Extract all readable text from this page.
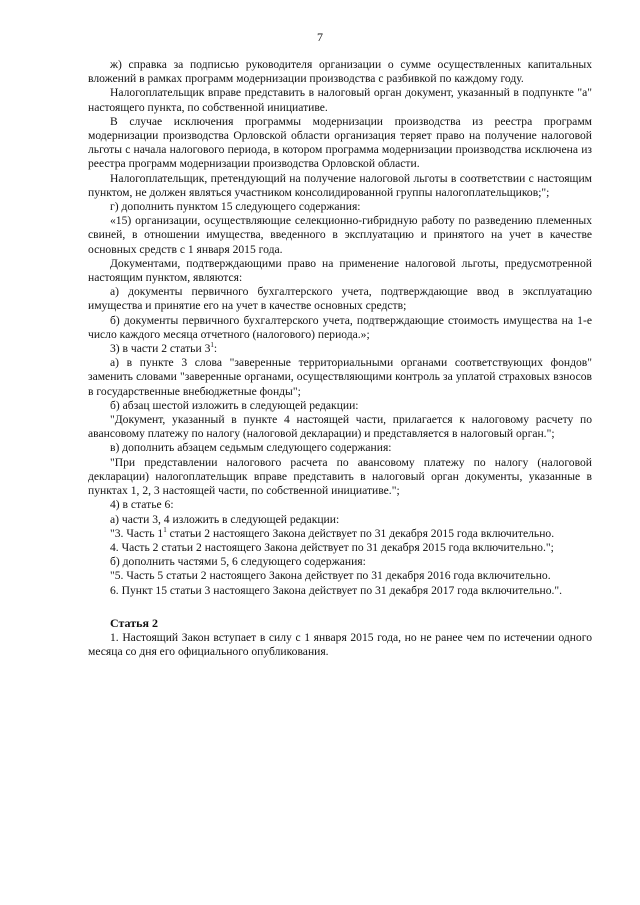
7

ж) справка за подписью руководителя организации о сумме осуществленных капитальных вложений в рамках программ модернизации производства с разбивкой по каждому году.

Налогоплательщик вправе представить в налоговый орган документ, указанный в подпункте "а" настоящего пункта, по собственной инициативе.

В случае исключения программы модернизации производства из реестра программ модернизации производства Орловской области организация теряет право на получение налоговой льготы с начала налогового периода, в котором программа модернизации производства исключена из реестра программ модернизации производства Орловской области.

Налогоплательщик, претендующий на получение налоговой льготы в соответствии с настоящим пунктом, не должен являться участником консолидированной группы налогоплательщиков;";

г) дополнить пунктом 15 следующего содержания:

«15) организации, осуществляющие селекционно-гибридную работу по разведению племенных свиней, в отношении имущества, введенного в эксплуатацию и принятого на учет в качестве основных средств с 1 января 2015 года.

Документами, подтверждающими право на применение налоговой льготы, предусмотренной настоящим пунктом, являются:

а) документы первичного бухгалтерского учета, подтверждающие ввод в эксплуатацию имущества и принятие его на учет в качестве основных средств;

б) документы первичного бухгалтерского учета, подтверждающие стоимость имущества на 1-е число каждого месяца отчетного (налогового) периода.»;

3) в части 2 статьи $3^1$:

а) в пункте 3 слова "заверенные территориальными органами соответствующих фондов" заменить словами "заверенные органами, осуществляющими контроль за уплатой страховых взносов в государственные внебюджетные фонды";

б) абзац шестой изложить в следующей редакции:

"Документ, указанный в пункте 4 настоящей части, прилагается к налоговому расчету по авансовому платежу по налогу (налоговой декларации) и представляется в налоговый орган.";

в) дополнить абзацем седьмым следующего содержания:

"При представлении налогового расчета по авансовому платежу по налогу (налоговой декларации) налогоплательщик вправе представить в налоговый орган документы, указанные в пунктах 1, 2, 3 настоящей части, по собственной инициативе.";

4) в статье 6:

а) части 3, 4 изложить в следующей редакции:

"3. Часть $1^1$ статьи 2 настоящего Закона действует по 31 декабря 2015 года включительно.

4. Часть 2 статьи 2 настоящего Закона действует по 31 декабря 2015 года включительно.";

б) дополнить частями 5, 6 следующего содержания:

"5. Часть 5 статьи 2 настоящего Закона действует по 31 декабря 2016 года включительно.

6. Пункт 15 статьи 3 настоящего Закона действует по 31 декабря 2017 года включительно.".

Статья 2

1. Настоящий Закон вступает в силу с 1 января 2015 года, но не ранее чем по истечении одного месяца со дня его официального опубликования.
